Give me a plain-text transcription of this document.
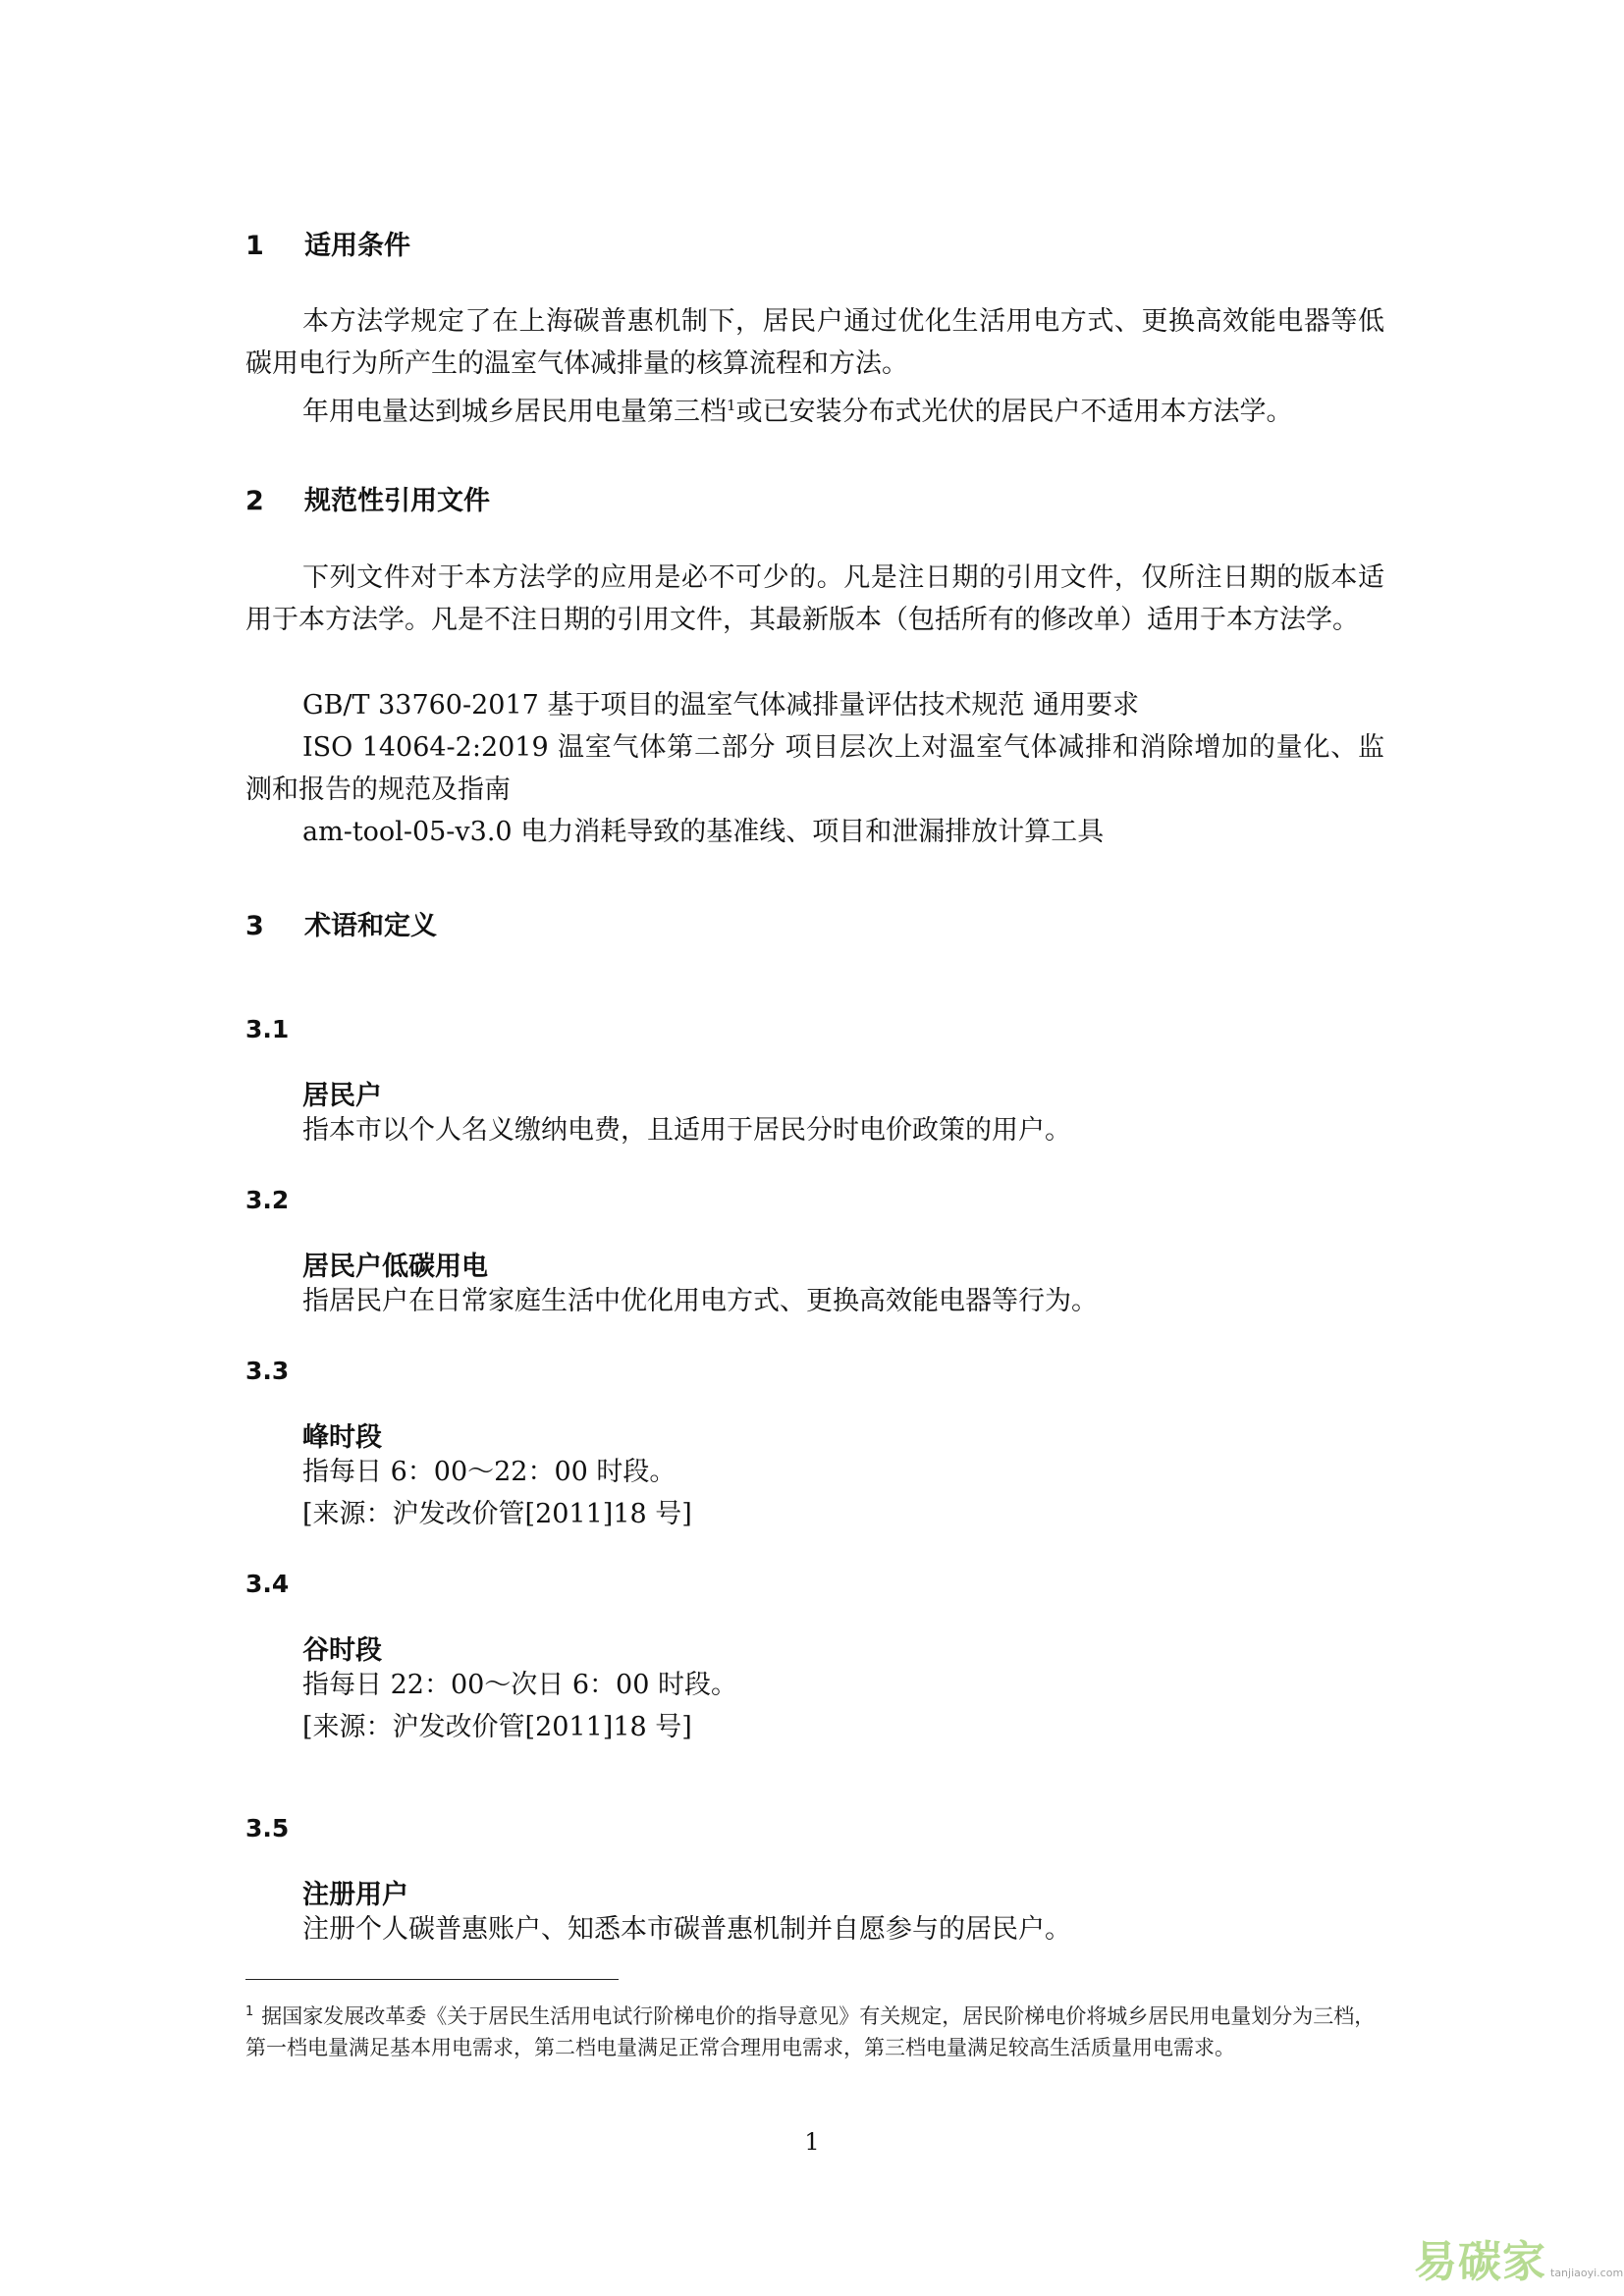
1 适用条件
本方法学规定了在上海碳普惠机制下，居民户通过优化生活用电方式、更换高效能电器等低碳用电行为所产生的温室气体减排量的核算流程和方法。
年用电量达到城乡居民用电量第三档$^1$或已安装分布式光伏的居民户不适用本方法学。
2 规范性引用文件
下列文件对于本方法学的应用是必不可少的。凡是注日期的引用文件，仅所注日期的版本适用于本方法学。凡是不注日期的引用文件，其最新版本（包括所有的修改单）适用于本方法学。
GB/T 33760-2017 基于项目的温室气体减排量评估技术规范 通用要求
ISO 14064-2:2019 温室气体第二部分 项目层次上对温室气体减排和消除增加的量化、监测和报告的规范及指南
am-tool-05-v3.0 电力消耗导致的基准线、项目和泄漏排放计算工具
3 术语和定义
3.1
居民户
指本市以个人名义缴纳电费，且适用于居民分时电价政策的用户。
3.2
居民户低碳用电
指居民户在日常家庭生活中优化用电方式、更换高效能电器等行为。
3.3
峰时段
指每日 6：00～22：00 时段。
[来源：沪发改价管[2011]18 号]
3.4
谷时段
指每日 22：00～次日 6：00 时段。
[来源：沪发改价管[2011]18 号]
3.5
注册用户
注册个人碳普惠账户、知悉本市碳普惠机制并自愿参与的居民户。
$^1$ 据国家发展改革委《关于居民生活用电试行阶梯电价的指导意见》有关规定，居民阶梯电价将城乡居民用电量划分为三档，第一档电量满足基本用电需求，第二档电量满足正常合理用电需求，第三档电量满足较高生活质量用电需求。
1
易碳家 tanjiaoyi.com
